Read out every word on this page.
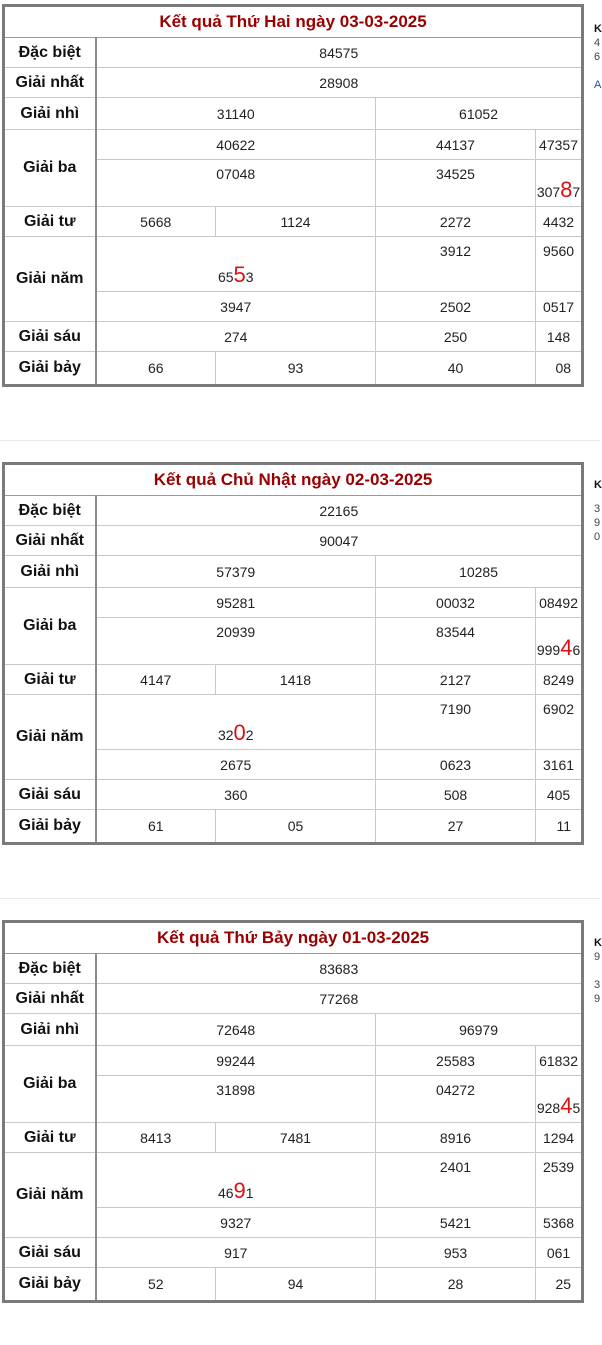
Kết quả Thứ Hai ngày 03-03-2025				
Đặc biệt	84575			
Giải nhất	28908			
Giải nhì	31140		61052	
Giải ba	40622		44137	47357
	07048		34525	30787
Giải tư	5668	1124	2272	4432
Giải năm	6553		3912	9560
	3947		2502	0517
Giải sáu	274		250	148
Giải bảy	66	93	40	08
K
4
6
A
Kết quả Chủ Nhật ngày 02-03-2025				
Đặc biệt	22165			
Giải nhất	90047			
Giải nhì	57379		10285	
Giải ba	95281		00032	08492
	20939		83544	99946
Giải tư	4147	1418	2127	8249
Giải năm	3202		7190	6902
	2675		0623	3161
Giải sáu	360		508	405
Giải bảy	61	05	27	11
K
3
9
0
Kết quả Thứ Bảy ngày 01-03-2025				
Đặc biệt	83683			
Giải nhất	77268			
Giải nhì	72648		96979	
Giải ba	99244		25583	61832
	31898		04272	92845
Giải tư	8413	7481	8916	1294
Giải năm	4691		2401	2539
	9327		5421	5368
Giải sáu	917		953	061
Giải bảy	52	94	28	25
K
9
3
9
